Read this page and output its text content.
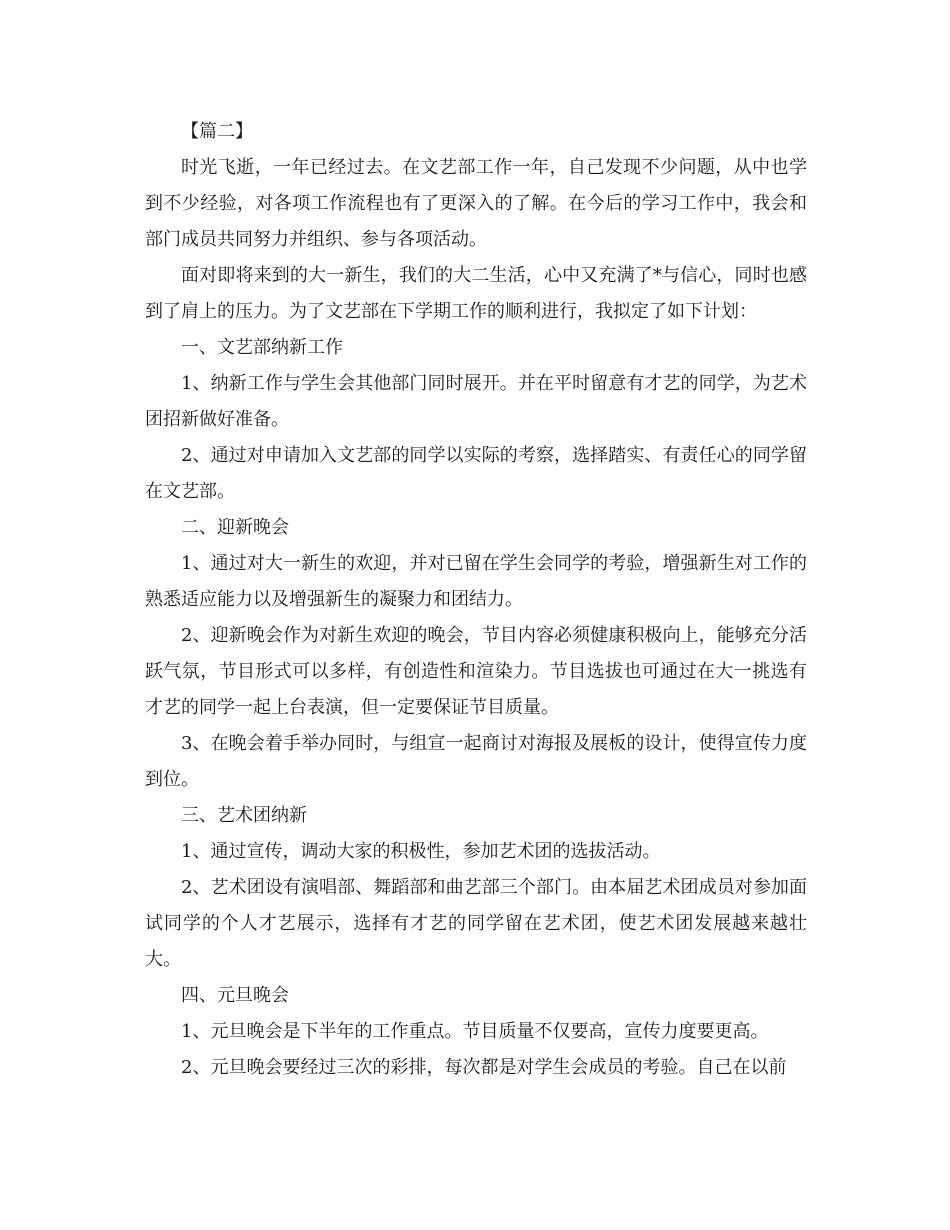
【篇二】

时光飞逝，一年已经过去。在文艺部工作一年，自己发现不少问题，从中也学到不少经验，对各项工作流程也有了更深入的了解。在今后的学习工作中，我会和部门成员共同努力并组织、参与各项活动。

面对即将来到的大一新生，我们的大二生活，心中又充满了*与信心，同时也感到了肩上的压力。为了文艺部在下学期工作的顺利进行，我拟定了如下计划：

一、文艺部纳新工作

1、纳新工作与学生会其他部门同时展开。并在平时留意有才艺的同学，为艺术团招新做好准备。

2、通过对申请加入文艺部的同学以实际的考察，选择踏实、有责任心的同学留在文艺部。

二、迎新晚会

1、通过对大一新生的欢迎，并对已留在学生会同学的考验，增强新生对工作的熟悉适应能力以及增强新生的凝聚力和团结力。

2、迎新晚会作为对新生欢迎的晚会，节目内容必须健康积极向上，能够充分活跃气氛，节目形式可以多样，有创造性和渲染力。节目选拔也可通过在大一挑选有才艺的同学一起上台表演，但一定要保证节目质量。

3、在晚会着手举办同时，与组宣一起商讨对海报及展板的设计，使得宣传力度到位。

三、艺术团纳新

1、通过宣传，调动大家的积极性，参加艺术团的选拔活动。

2、艺术团设有演唱部、舞蹈部和曲艺部三个部门。由本届艺术团成员对参加面试同学的个人才艺展示，选择有才艺的同学留在艺术团，使艺术团发展越来越壮大。

四、元旦晚会

1、元旦晚会是下半年的工作重点。节目质量不仅要高，宣传力度要更高。

2、元旦晚会要经过三次的彩排，每次都是对学生会成员的考验。自己在以前
